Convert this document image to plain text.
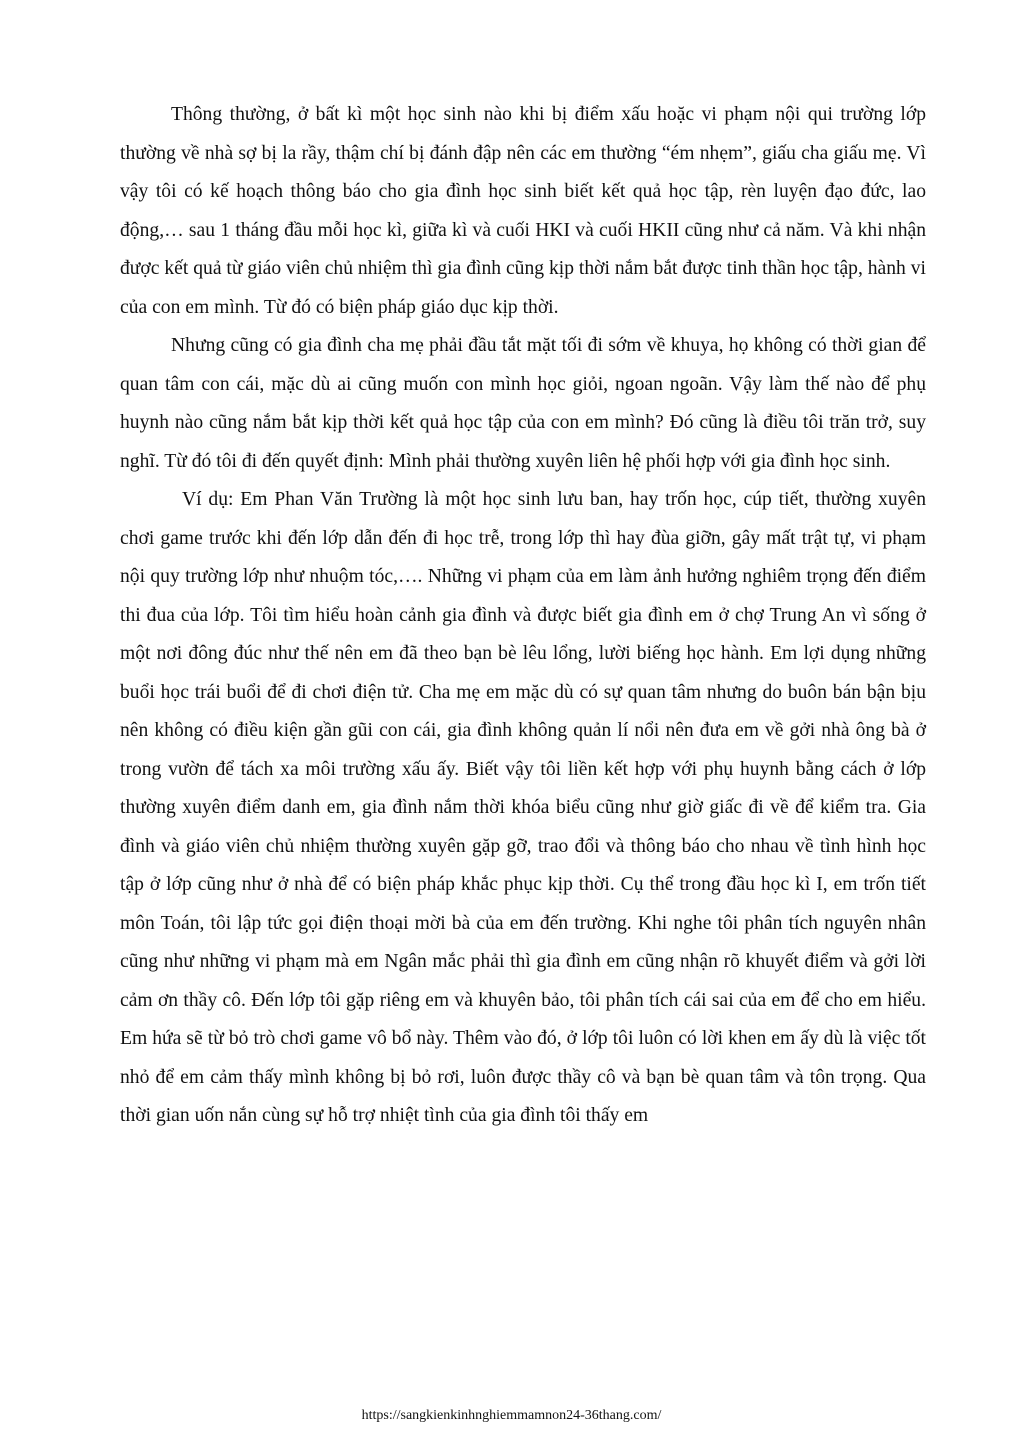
Thông thường, ở bất kì một học sinh nào khi bị điểm xấu hoặc vi phạm nội qui trường lớp thường về nhà sợ bị la rầy, thậm chí bị đánh đập nên các em thường “ém nhẹm”, giấu cha giấu mẹ. Vì vậy tôi có kế hoạch thông báo cho gia đình học sinh biết kết quả học tập, rèn luyện đạo đức, lao động,… sau 1 tháng đầu mỗi học kì, giữa kì và cuối HKI và cuối HKII cũng như cả năm. Và khi nhận được kết quả từ giáo viên chủ nhiệm thì gia đình cũng kịp thời nắm bắt được tinh thần học tập, hành vi của con em mình. Từ đó có biện pháp giáo dục kịp thời.

Nhưng cũng có gia đình cha mẹ phải đầu tắt mặt tối đi sớm về khuya, họ không có thời gian để quan tâm con cái, mặc dù ai cũng muốn con mình học giỏi, ngoan ngoãn. Vậy làm thế nào để phụ huynh nào cũng nắm bắt kịp thời kết quả học tập của con em mình? Đó cũng là điều tôi trăn trở, suy nghĩ. Từ đó tôi đi đến quyết định: Mình phải thường xuyên liên hệ phối hợp với gia đình học sinh.

Ví dụ: Em Phan Văn Trường là một học sinh lưu ban, hay trốn học, cúp tiết, thường xuyên chơi game trước khi đến lớp dẫn đến đi học trễ, trong lớp thì hay đùa giỡn, gây mất trật tự, vi phạm nội quy trường lớp như nhuộm tóc,…. Những vi phạm của em làm ảnh hưởng nghiêm trọng đến điểm thi đua của lớp. Tôi tìm hiểu hoàn cảnh gia đình và được biết gia đình em ở chợ Trung An vì sống ở một nơi đông đúc như thế nên em đã theo bạn bè lêu lổng, lười biếng học hành. Em lợi dụng những buổi học trái buổi để đi chơi điện tử. Cha mẹ em mặc dù có sự quan tâm nhưng do buôn bán bận bịu nên không có điều kiện gần gũi con cái, gia đình không quản lí nổi nên đưa em về gởi nhà ông bà ở trong vườn để tách xa môi trường xấu ấy. Biết vậy tôi liền kết hợp với phụ huynh bằng cách ở lớp thường xuyên điểm danh em, gia đình nắm thời khóa biểu cũng như giờ giấc đi về để kiểm tra. Gia đình và giáo viên chủ nhiệm thường xuyên gặp gỡ, trao đổi và thông báo cho nhau về tình hình học tập ở lớp cũng như ở nhà để có biện pháp khắc phục kịp thời. Cụ thể trong đầu học kì I, em trốn tiết môn Toán, tôi lập tức gọi điện thoại mời bà của em đến trường. Khi nghe tôi phân tích nguyên nhân cũng như những vi phạm mà em Ngân mắc phải thì gia đình em cũng nhận rõ khuyết điểm và gởi lời cảm ơn thầy cô. Đến lớp tôi gặp riêng em và khuyên bảo, tôi phân tích cái sai của em để cho em hiểu. Em hứa sẽ từ bỏ trò chơi game vô bổ này. Thêm vào đó, ở lớp tôi luôn có lời khen em ấy dù là việc tốt nhỏ để em cảm thấy mình không bị bỏ rơi, luôn được thầy cô và bạn bè quan tâm và tôn trọng. Qua thời gian uốn nắn cùng sự hỗ trợ nhiệt tình của gia đình tôi thấy em

https://sangkienkinhnghiemmamnon24-36thang.com/
